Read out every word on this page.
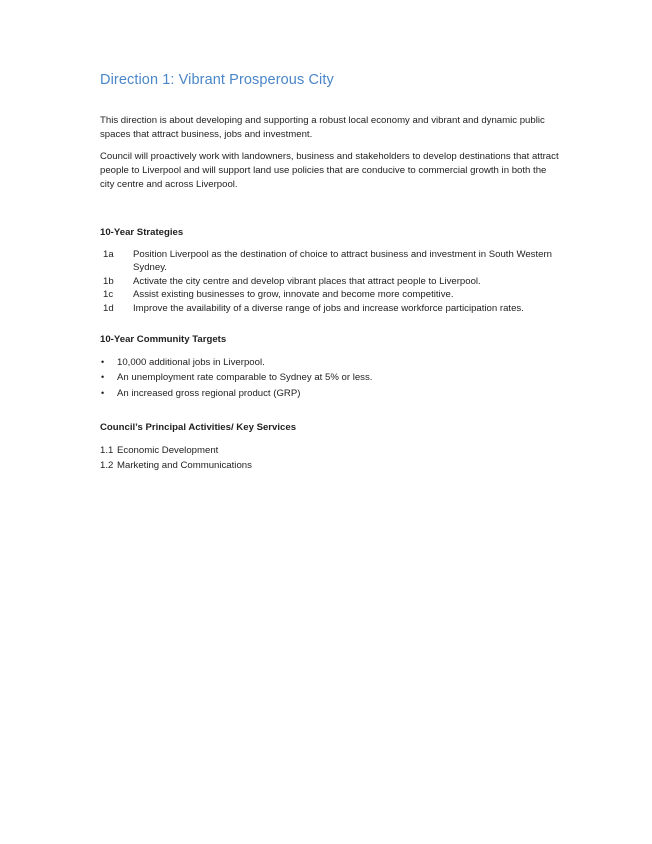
Direction 1: Vibrant Prosperous City

This direction is about developing and supporting a robust local economy and vibrant and dynamic public spaces that attract business, jobs and investment.

Council will proactively work with landowners, business and stakeholders to develop destinations that attract people to Liverpool and will support land use policies that are conducive to commercial growth in both the city centre and across Liverpool.

10-Year Strategies
1a	Position Liverpool as the destination of choice to attract business and investment in South Western Sydney.
1b	Activate the city centre and develop vibrant places that attract people to Liverpool.
1c	Assist existing businesses to grow, innovate and become more competitive.
1d	Improve the availability of a diverse range of jobs and increase workforce participation rates.
10-Year Community Targets
•	10,000 additional jobs in Liverpool.
•	An unemployment rate comparable to Sydney at 5% or less.
•	An increased gross regional product (GRP)
Council’s Principal Activities/ Key Services
1.1 Economic Development
1.2 Marketing and Communications
